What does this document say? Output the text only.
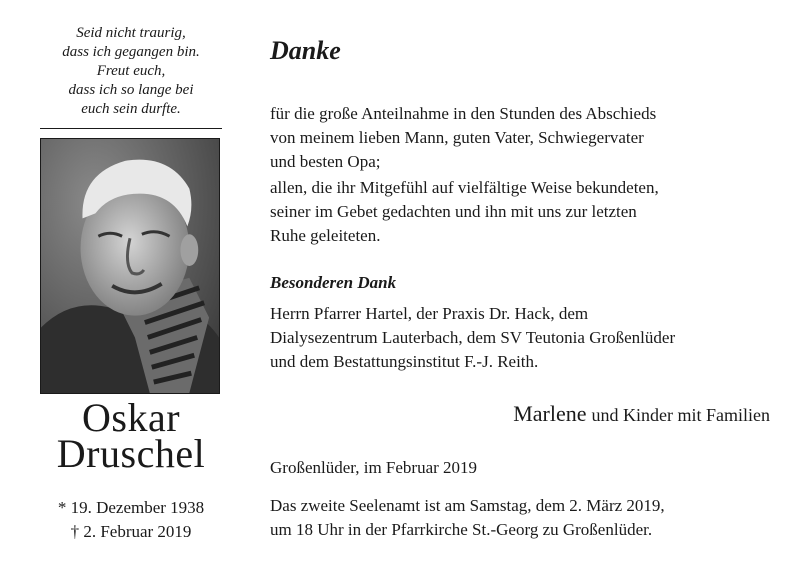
Seid nicht traurig,
dass ich gegangen bin.
Freut euch,
dass ich so lange bei
euch sein durfte.
Oskar
Druschel
* 19. Dezember 1938
† 2. Februar 2019
Danke
für die große Anteilnahme in den Stunden des Abschieds
von meinem lieben Mann, guten Vater, Schwiegervater
und besten Opa;
allen, die ihr Mitgefühl auf vielfältige Weise bekundeten,
seiner im Gebet gedachten und ihn mit uns zur letzten
Ruhe geleiteten.
Besonderen Dank
Herrn Pfarrer Hartel, der Praxis Dr. Hack, dem
Dialysezentrum Lauterbach, dem SV Teutonia Großenlüder
und dem Bestattungsinstitut F.-J. Reith.
Marlene und Kinder mit Familien
Großenlüder, im Februar 2019
Das zweite Seelenamt ist am Samstag, dem 2. März 2019,
um 18 Uhr in der Pfarrkirche St.-Georg zu Großenlüder.
